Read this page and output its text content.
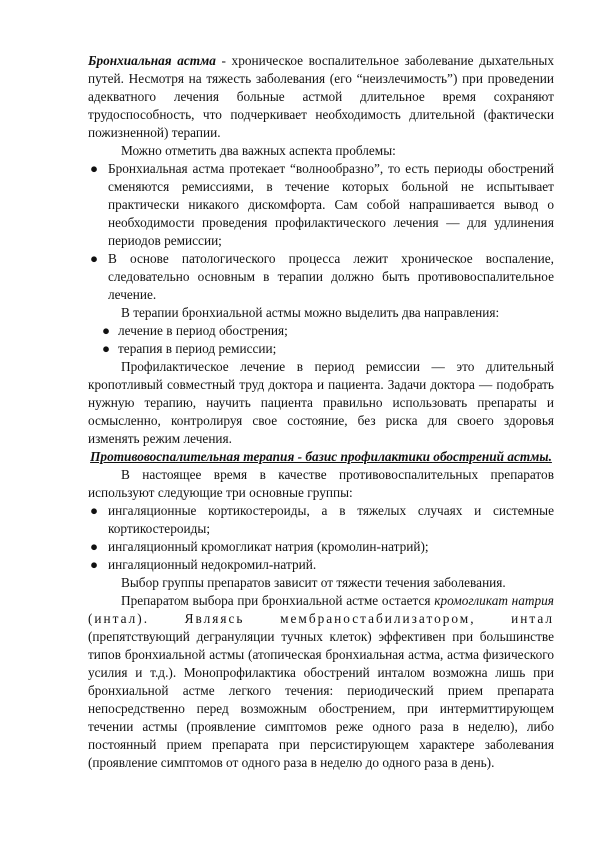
Бронхиальная астма - хроническое воспалительное заболевание дыхательных путей. Несмотря на тяжесть заболевания (его “неизлечимость”) при проведении адекватного лечения больные астмой длительное время сохраняют трудоспособность, что подчеркивает необходимость длительной (фактически пожизненной) терапии.

Можно отметить два важных аспекта проблемы:

● Бронхиальная астма протекает “волнообразно”, то есть периоды обострений сменяются ремиссиями, в течение которых больной не испытывает практически никакого дискомфорта. Сам собой напрашивается вывод о необходимости проведения профилактического лечения — для удлинения периодов ремиссии;

● В основе патологического процесса лежит хроническое воспаление, следовательно основным в терапии должно быть противовоспалительное лечение.

В терапии бронхиальной астмы можно выделить два направления:

● лечение в период обострения;

● терапия в период ремиссии;

Профилактическое лечение в период ремиссии — это длительный кропотливый совместный труд доктора и пациента. Задачи доктора — подобрать нужную терапию, научить пациента правильно использовать препараты и осмысленно, контролируя свое состояние, без риска для своего здоровья изменять режим лечения.

Противовоспалительная терапия - базис профилактики обострений астмы.

В настоящее время в качестве противовоспалительных препаратов используют следующие три основные группы:

● ингаляционные кортикостероиды, а в тяжелых случаях и системные кортикостероиды;

● ингаляционный кромогликат натрия (кромолин-натрий);

● ингаляционный недокромил-натрий.

Выбор группы препаратов зависит от тяжести течения заболевания.

Препаратом выбора при бронхиальной астме остается кромогликат натрия (интал). Являясь мембраностабилизатором, интал (препятствующий дегрануляции тучных клеток) эффективен при большинстве типов бронхиальной астмы (атопическая бронхиальная астма, астма физического усилия и т.д.). Монопрофилактика обострений интaлом возможна лишь при бронхиальной астме легкого течения: периодический прием препарата непосредственно перед возможным обострением, при интермиттирующем течении астмы (проявление симптомов реже одного раза в неделю), либо постоянный прием препарата при персистирующем характере заболевания (проявление симптомов от одного раза в неделю до одного раза в день).
